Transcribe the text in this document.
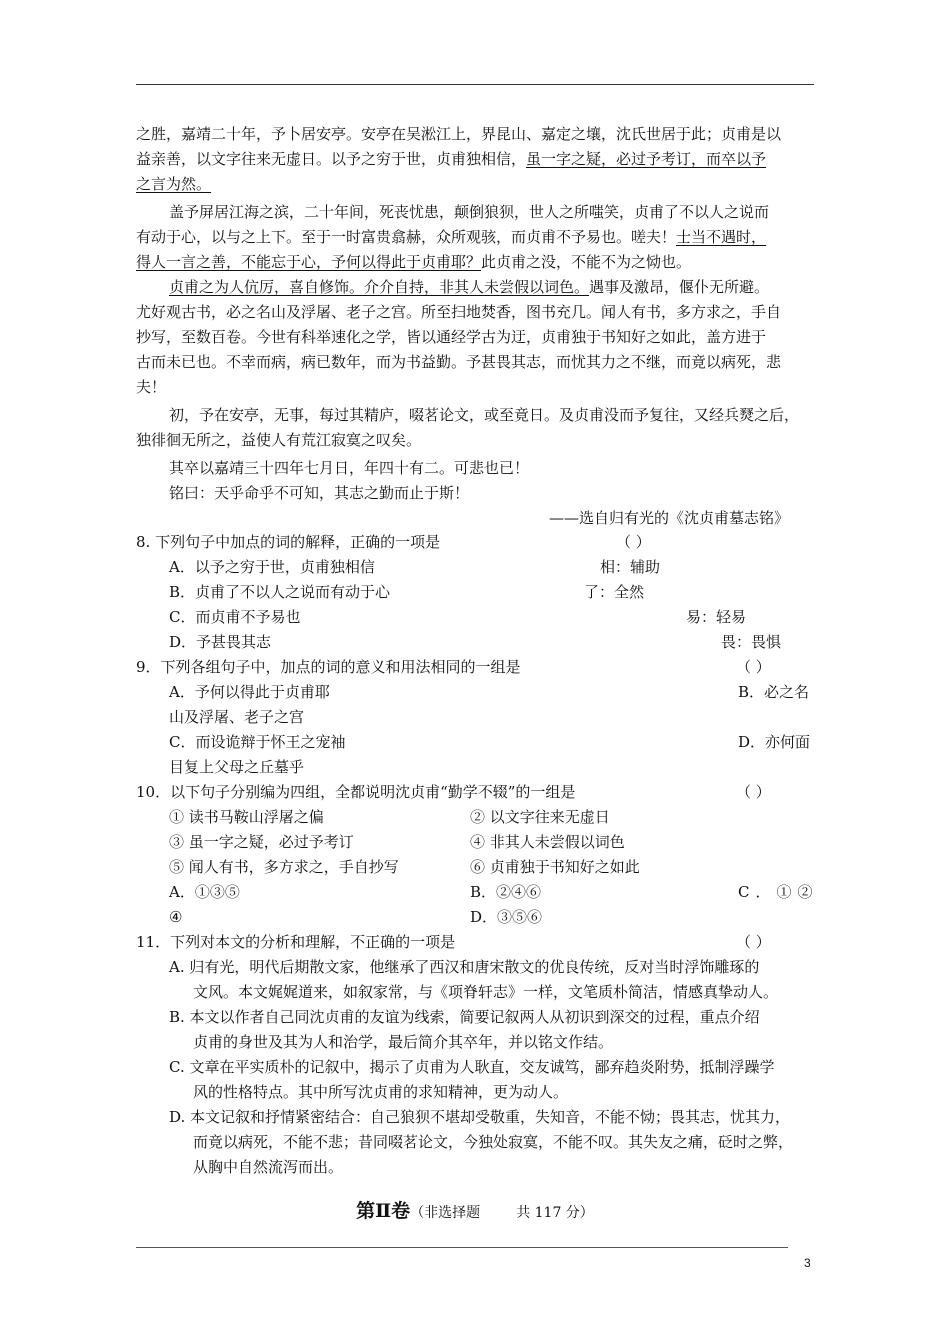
之胜，嘉靖二十年，予卜居安亭。安亭在吴淞江上，界昆山、嘉定之壤，沈氏世居于此；贞甫是以
益亲善，以文字往来无虚日。以予之穷于世，贞甫独相信，虽一字之疑，必过予考订，而卒以予
之言为然。
盖予屏居江海之滨，二十年间，死丧忧患，颠倒狼狈，世人之所嗤笑，贞甫了不以人之说而
有动于心，以与之上下。至于一时富贵翕赫，众所观骇，而贞甫不予易也。嗟夫！士当不遇时，
得人一言之善，不能忘于心，予何以得此于贞甫耶？此贞甫之没，不能不为之恸也。
贞甫之为人伉厉，喜自修饰。介介自持，非其人未尝假以词色。遇事及激昂，偃仆无所避。
尤好观古书，必之名山及浮屠、老子之宫。所至扫地焚香，图书充几。闻人有书，多方求之，手自
抄写，至数百卷。今世有科举速化之学，皆以通经学古为迂，贞甫独于书知好之如此，盖方进于
古而未已也。不幸而病，病已数年，而为书益勤。予甚畏其志，而忧其力之不继，而竟以病死，悲
夫！
初，予在安亭，无事，每过其精庐，啜茗论文，或至竟日。及贞甫没而予复往，又经兵燹之后，
独徘徊无所之，益使人有荒江寂寞之叹矣。
其卒以嘉靖三十四年七月日，年四十有二。可悲也已！
铭曰：天乎命乎不可知，其志之勤而止于斯！
——选自归有光的《沈贞甫墓志铭》
8. 下列句子中加点的词的解释，正确的一项是	（ ）
A．以予之穷于世，贞甫独相信	相：辅助
B．贞甫了不以人之说而有动于心	了：全然
C．而贞甫不予易也	易：轻易
D．予甚畏其志	畏：畏惧
9．下列各组句子中，加点的词的意义和用法相同的一组是	（ ）
A．予何以得此于贞甫耶	B．必之名
山及浮屠、老子之宫
C．而设诡辩于怀王之宠袖	D．亦何面
目复上父母之丘墓乎
10．以下句子分别编为四组，全都说明沈贞甫“勤学不辍”的一组是	（ ）
① 读书马鞍山浮屠之偏	② 以文字往来无虚日
③ 虽一字之疑，必过予考订	④ 非其人未尝假以词色
⑤ 闻人有书，多方求之，手自抄写	⑥ 贞甫独于书知好之如此
A．①③⑤	B．②④⑥	C．①②
④	D．③⑤⑥
11．下列对本文的分析和理解，不正确的一项是	（ ）
A. 归有光，明代后期散文家，他继承了西汉和唐宋散文的优良传统，反对当时浮饰雕琢的
文风。本文娓娓道来，如叙家常，与《项脊轩志》一样，文笔质朴简洁，情感真挚动人。
B. 本文以作者自己同沈贞甫的友谊为线索，简要记叙两人从初识到深交的过程，重点介绍
贞甫的身世及其为人和治学，最后简介其卒年，并以铭文作结。
C. 文章在平实质朴的记叙中，揭示了贞甫为人耿直，交友诚笃，鄙弃趋炎附势，抵制浮躁学
风的性格特点。其中所写沈贞甫的求知精神，更为动人。
D. 本文记叙和抒情紧密结合：自己狼狈不堪却受敬重，失知音，不能不恸；畏其志，忧其力，
而竟以病死，不能不悲；昔同啜茗论文，今独处寂寞，不能不叹。其失友之痛，砭时之弊，
从胸中自然流泻而出。
第Ⅱ卷（非选择题	共 117 分）
3
